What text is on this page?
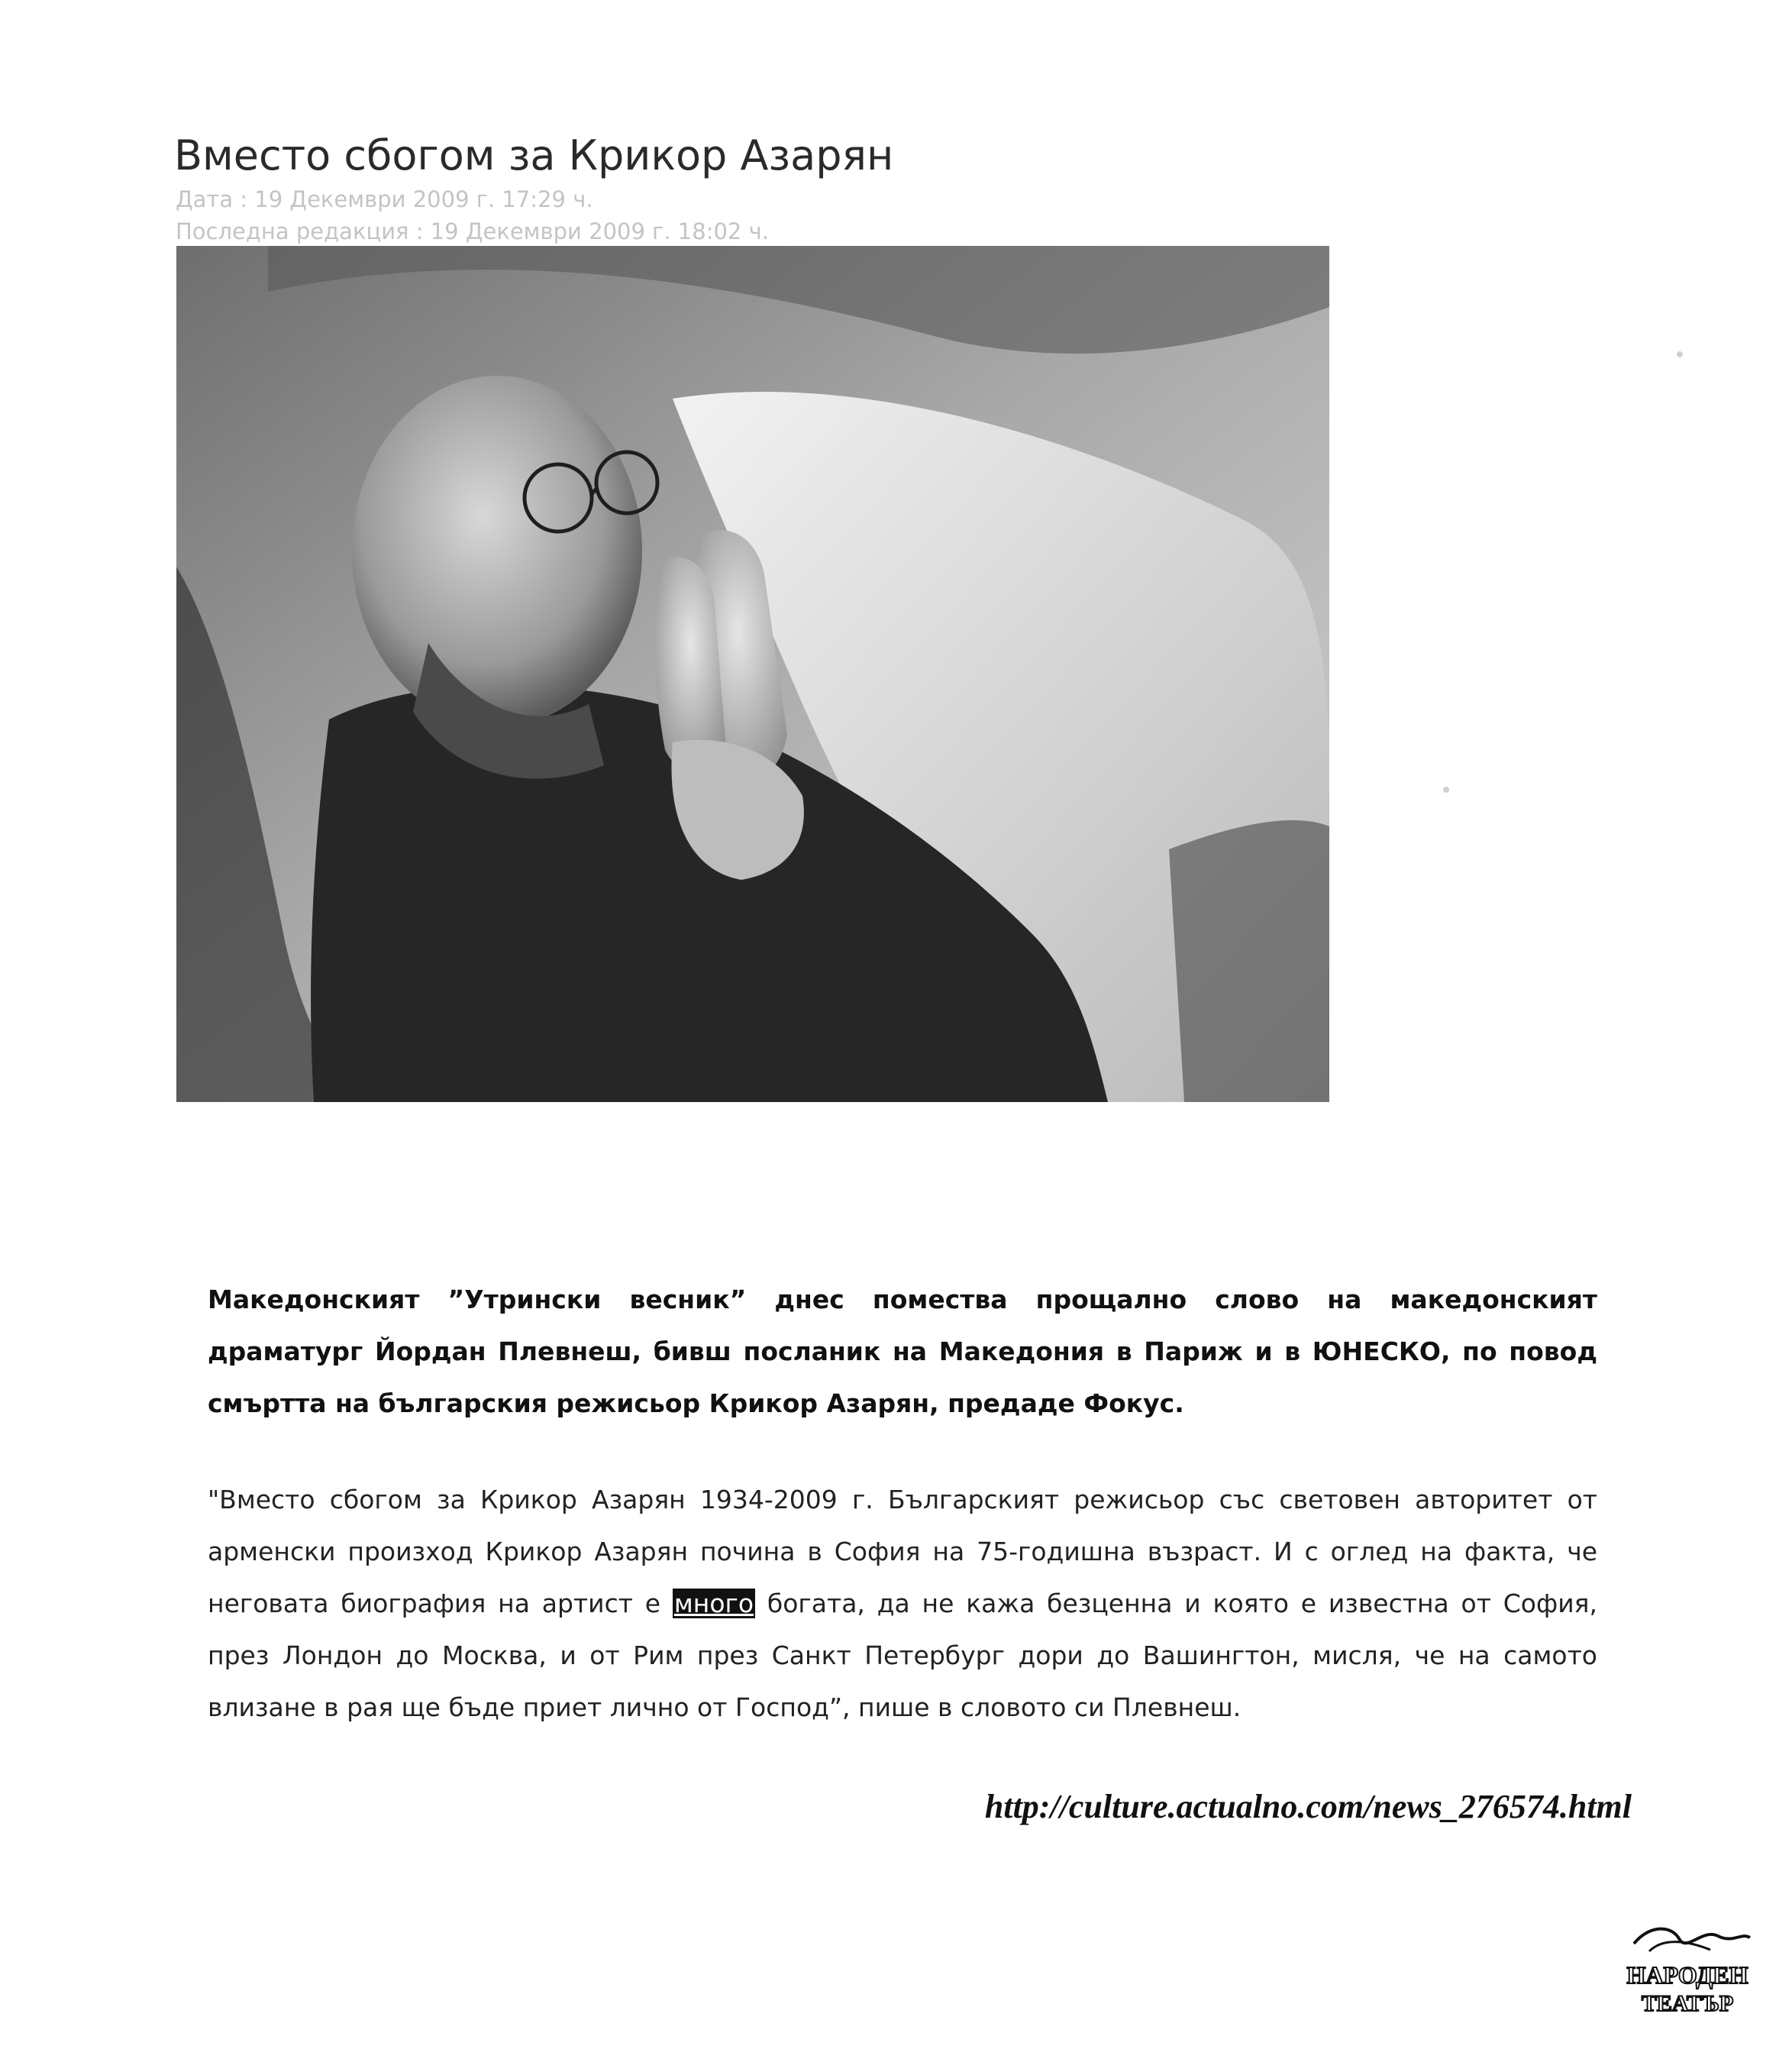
Вместо сбогом за Крикор Азарян
Дата : 19 Декември 2009 г. 17:29 ч.
Последна редакция : 19 Декември 2009 г. 18:02 ч.

Македонският ”Утрински весник” днес помества прощално слово на македонският драматург Йордан Плевнеш, бивш посланик на Македония в Париж и в ЮНЕСКО, по повод смъртта на българския режисьор Крикор Азарян, предаде Фокус.

"Вместо сбогом за Крикор Азарян 1934-2009 г. Българският режисьор със световен авторитет от арменски произход Крикор Азарян почина в София на 75-годишна възраст. И с оглед на факта, че неговата биография на артист е много богата, да не кажа безценна и която е известна от София, през Лондон до Москва, и от Рим през Санкт Петербург дори до Вашингтон, мисля, че на самото влизане в рая ще бъде приет лично от Господ”, пише в словото си Плевнеш.

http://culture.actualno.com/news_276574.html
НАРОДЕН
ТЕАТЪР
